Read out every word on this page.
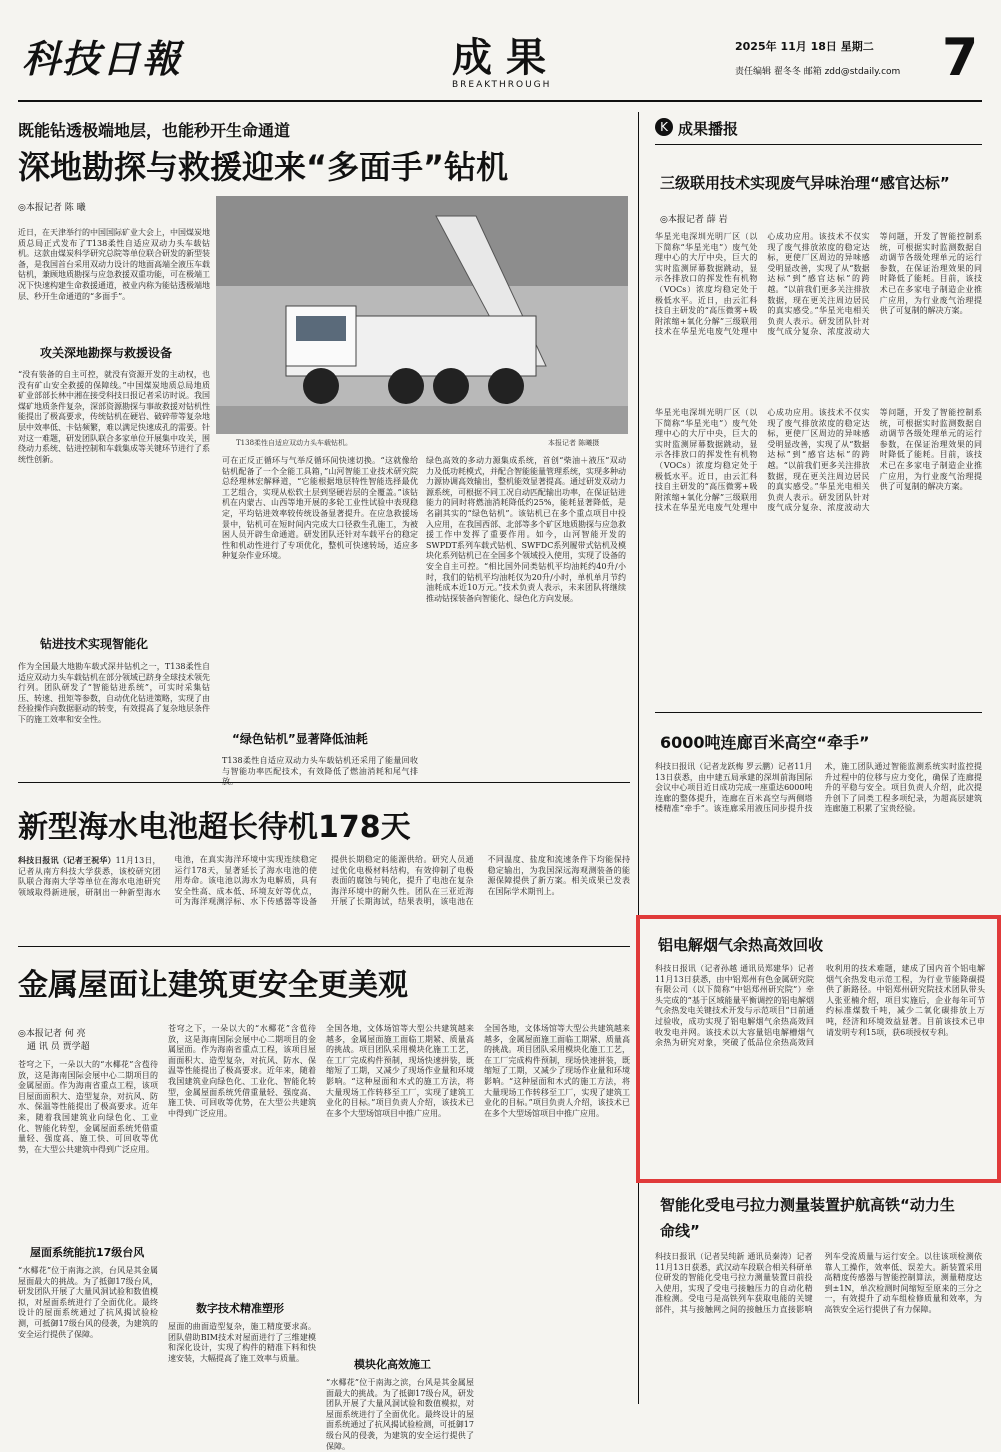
科技日報	成果
BREAKTHROUGH
2025年 11月 18日 星期二
责任编辑 翟冬冬 邮箱 zdd@stdaily.com 7
既能钻透极端地层，也能秒开生命通道
深地勘探与救援迎来“多面手”钻机
◎本报记者 陈 曦
近日，在天津举行的中国国际矿业大会上，中国煤炭地质总局正式发布了T138柔性自适应双动力头车载钻机。这款由煤炭科学研究总院等单位联合研发的新型装备，是我国首台采用双动力设计的地面高端全液压车载钻机，兼顾地质勘探与应急救援双重功能，可在极端工况下快速构建生命救援通道，被业内称为能钻透极端地层、秒开生命通道的“多面手”。
T138柔性自适应双动力头车载钻机。	本报记者 陈曦摄
攻关深地勘探与救援设备
“没有装备的自主可控，就没有资源开发的主动权，也没有矿山安全救援的保障线。”中国煤炭地质总局地质矿业部部长林中湘在接受科技日报记者采访时说。我国煤矿地质条件复杂，深部资源勘探与事故救援对钻机性能提出了极高要求，传统钻机在硬岩、破碎带等复杂地层中效率低、卡钻频繁，难以满足快速成孔的需要。针对这一难题，研发团队联合多家单位开展集中攻关，围绕动力系统、钻进控制和车载集成等关键环节进行了系统性创新。
钻进技术实现智能化
作为全国最大地勘车载式深井钻机之一，T138柔性自适应双动力头车载钻机在部分领域已跻身全球技术领先行列。团队研发了“智能钻进系统”，可实时采集钻压、转速、扭矩等参数，自动优化钻进策略，实现了由经验操作向数据驱动的转变，有效提高了复杂地层条件下的施工效率和安全性。
可在正反正循环与气举反循环间快速切换。“这就像给钻机配备了一个全能工具箱，”山河智能工业技术研究院总经理林宏解释道，“它能根据地层特性智能选择最优工艺组合，实现从松软土层到坚硬岩层的全覆盖。”该钻机在内蒙古、山西等地开展的多轮工业性试验中表现稳定，平均钻进效率较传统设备显著提升。在应急救援场景中，钻机可在短时间内完成大口径救生孔施工，为被困人员开辟生命通道。研发团队还针对车载平台的稳定性和机动性进行了专项优化，整机可快速转场，适应多种复杂作业环境。
“绿色钻机”显著降低油耗
T138柔性自适应双动力头车载钻机还采用了能量回收与智能功率匹配技术，有效降低了燃油消耗和尾气排
绿色高效的多动力源集成系统，首创“柴油＋液压”双动力及低功耗模式，并配合智能能量管理系统，实现多种动力源协调高效输出，整机能效显著提高。通过研发双动力源系统，可根据不同工况自动匹配输出功率，在保证钻进能力的同时将燃油消耗降低约25%，能耗显著降低，是名副其实的“绿色钻机”。该钻机已在多个重点项目中投入应用，在我国西部、北部等多个矿区地质勘探与应急救援工作中发挥了重要作用。如今，山河智能开发的SWPDT系列车载式钻机、SWFDC系列履带式钻机及模块化系列钻机已在全国多个领域投入使用，实现了设备的安全自主可控。“相比国外同类钻机平均油耗约40升/小时，我们的钻机平均油耗仅为20升/小时，单机单月节约油耗成本近10万元。”技术负责人表示，未来团队将继续推动钻探装备向智能化、绿色化方向发展。
新型海水电池超长待机178天
科技日报讯（记者王祝华）11月13日，记者从南方科技大学获悉，该校研究团队联合海南大学等单位在海水电池研究领域取得新进展，研制出一种新型海水电池，在真实海洋环境中实现连续稳定运行178天，显著延长了海水电池的使用寿命。该电池以海水为电解质，具有安全性高、成本低、环境友好等优点，可为海洋观测浮标、水下传感器等设备提供长期稳定的能源供给。研究人员通过优化电极材料结构，有效抑制了电极表面的腐蚀与钝化，提升了电池在复杂海洋环境中的耐久性。团队在三亚近海开展了长期海试，结果表明，该电池在不同温度、盐度和流速条件下均能保持稳定输出，为我国深远海观测装备的能源保障提供了新方案。相关成果已发表在国际学术期刊上。
金属屋面让建筑更安全更美观
◎本报记者 何 亮
　通 讯 员 贾学超
苍穹之下，一朵以大的“水椰花”含苞待放，这是海南国际会展中心二期项目的金属屋面。作为海南省重点工程，该项目屋面面积大、造型复杂，对抗风、防水、保温等性能提出了极高要求。近年来，随着我国建筑业向绿色化、工业化、智能化转型，金属屋面系统凭借重量轻、强度高、施工快、可回收等优势，在大型公共建筑中得到广泛应用。
屋面系统能抗17级台风
“水椰花”位于南海之滨，台风是其金属屋面最大的挑战。为了抵御17级台风，研发团队开展了大量风洞试验和数值模拟，对屋面系统进行了全面优化。最终设计的屋面系统通过了抗风揭试验检测，可抵御17级台风的侵袭，为建筑的安全运行提供了保障。
苍穹之下，一朵以大的“水椰花”含苞待放，这是海南国际会展中心二期项目的金属屋面。作为海南省重点工程，该项目屋面面积大、造型复杂，对抗风、防水、保温等性能提出了极高要求。近年来，随着我国建筑业向绿色化、工业化、智能化转型，金属屋面系统凭借重量轻、强度高、施工快、可回收等优势，在大型公共建筑中得到广泛应用。
数字技术精准塑形
屋面的曲面造型复杂，施工精度要求高。团队借助BIM技术对屋面进行了三维建模和深化设计，实现了构件的精准下料和快速安装，大幅提高了施工效率与质量。
全国各地，文体场馆等大型公共建筑越来越多，金属屋面施工面临工期紧、质量高的挑战。项目团队采用模块化施工工艺，在工厂完成构件预制，现场快速拼装，既缩短了工期，又减少了现场作业量和环境影响。“这种屋面和木式的施工方法，将大量现场工作转移至工厂，实现了建筑工业化的目标。”项目负责人介绍，该技术已在多个大型场馆项目中推广应用。
模块化高效施工
“水椰花”位于南海之滨，台风是其金属屋面最大的挑战。为了抵御17级台风，研发团队开展了大量风洞试验和数值模拟，对屋面系统进行了全面优化。最终设计的屋面系统通过了抗风揭试验检测，可抵御17级台风的侵袭，为建筑的安全运行提供了保障。
全国各地，文体场馆等大型公共建筑越来越多，金属屋面施工面临工期紧、质量高的挑战。项目团队采用模块化施工工艺，在工厂完成构件预制，现场快速拼装，既缩短了工期，又减少了现场作业量和环境影响。“这种屋面和木式的施工方法，将大量现场工作转移至工厂，实现了建筑工业化的目标。”项目负责人介绍，该技术已在多个大型场馆项目中推广应用。
K 成果播报
三级联用技术实现废气异味治理“感官达标”
◎本报记者 薛 岩
华星光电深圳光明厂区（以下简称“华星光电”）废气处理中心的大厅中央，巨大的实时监测屏幕数据跳动，显示各排放口的挥发性有机物（VOCs）浓度均稳定处于极低水平。近日，由云汇科技自主研发的“高压微雾+吸附浓缩+氧化分解”三级联用技术在华星光电废气处理中心成功应用。该技术不仅实现了废气排放浓度的稳定达标，更使厂区周边的异味感受明显改善，实现了从“数据达标”到“感官达标”的跨越。“以前我们更多关注排放数据，现在更关注周边居民的真实感受。”华星光电相关负责人表示。研发团队针对废气成分复杂、浓度波动大等问题，开发了智能控制系统，可根据实时监测数据自动调节各级处理单元的运行参数，在保证治理效果的同时降低了能耗。目前，该技术已在多家电子制造企业推广应用，为行业废气治理提供了可复制的解决方案。
华星光电深圳光明厂区（以下简称“华星光电”）废气处理中心的大厅中央，巨大的实时监测屏幕数据跳动，显示各排放口的挥发性有机物（VOCs）浓度均稳定处于极低水平。近日，由云汇科技自主研发的“高压微雾+吸附浓缩+氧化分解”三级联用技术在华星光电废气处理中心成功应用。该技术不仅实现了废气排放浓度的稳定达标，更使厂区周边的异味感受明显改善，实现了从“数据达标”到“感官达标”的跨越。“以前我们更多关注排放数据，现在更关注周边居民的真实感受。”华星光电相关负责人表示。研发团队针对废气成分复杂、浓度波动大等问题，开发了智能控制系统，可根据实时监测数据自动调节各级处理单元的运行参数，在保证治理效果的同时降低了能耗。目前，该技术已在多家电子制造企业推广应用，为行业废气治理提供了可复制的解决方案。
6000吨连廊百米高空“牵手”
科技日报讯（记者龙跃梅 罗云鹏）记者11月13日获悉，由中建五局承建的深圳前海国际会议中心项目近日成功完成一座重达6000吨连廊的整体提升，连廊在百米高空与两侧塔楼精准“牵手”。该连廊采用液压同步提升技术，施工团队通过智能监测系统实时监控提升过程中的位移与应力变化，确保了连廊提升的平稳与安全。项目负责人介绍，此次提升创下了同类工程多项纪录，为超高层建筑连廊施工积累了宝贵经验。
铝电解烟气余热高效回收
科技日报讯（记者孙越 通讯员郑建华）记者11月13日获悉，由中铝郑州有色金属研究院有限公司（以下简称“中铝郑州研究院”）牵头完成的“基于区域能量平衡调控的铝电解烟气余热发电关键技术开发与示范项目”日前通过验收，成功实现了铝电解烟气余热高效回收发电并网。该技术以大容量铝电解槽烟气余热为研究对象，突破了低品位余热高效回收利用的技术难题，建成了国内首个铝电解烟气余热发电示范工程，为行业节能降碳提供了新路径。中铝郑州研究院技术团队带头人张亚楠介绍，项目实施后，企业每年可节约标准煤数千吨，减少二氧化碳排放上万吨，经济和环境效益显著。目前该技术已申请发明专利15项，获6项授权专利。
智能化受电弓拉力测量装置护航高铁“动力生命线”
科技日报讯（记者吴纯新 通讯员秦涛）记者11月13日获悉，武汉动车段联合相关科研单位研发的智能化受电弓拉力测量装置日前投入使用，实现了受电弓接触压力的自动化精准检测。受电弓是高铁列车获取电能的关键部件，其与接触网之间的接触压力直接影响列车受流质量与运行安全。以往该项检测依靠人工操作，效率低、误差大。新装置采用高精度传感器与智能控制算法，测量精度达到±1N，单次检测时间缩短至原来的三分之一，有效提升了动车组检修质量和效率，为高铁安全运行提供了有力保障。
